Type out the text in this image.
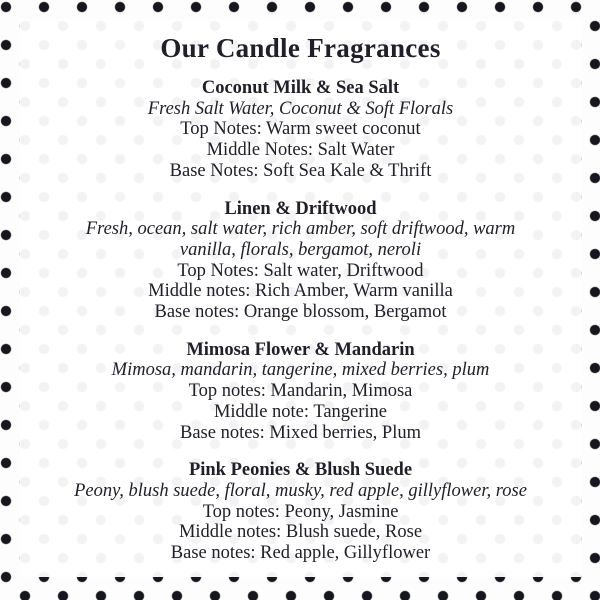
Our Candle Fragrances
Coconut Milk & Sea Salt

Fresh Salt Water, Coconut & Soft Florals

Top Notes: Warm sweet coconut

Middle Notes: Salt Water

Base Notes: Soft Sea Kale & Thrift

Linen & Driftwood

Fresh, ocean, salt water, rich amber, soft driftwood, warm vanilla, florals, bergamot, neroli

Top Notes: Salt water, Driftwood

Middle notes: Rich Amber, Warm vanilla

Base notes: Orange blossom, Bergamot

Mimosa Flower & Mandarin

Mimosa, mandarin, tangerine, mixed berries, plum

Top notes: Mandarin, Mimosa

Middle note: Tangerine

Base notes: Mixed berries, Plum

Pink Peonies & Blush Suede

Peony, blush suede, floral, musky, red apple, gillyflower, rose

Top notes: Peony, Jasmine

Middle notes: Blush suede, Rose

Base notes: Red apple, Gillyflower
